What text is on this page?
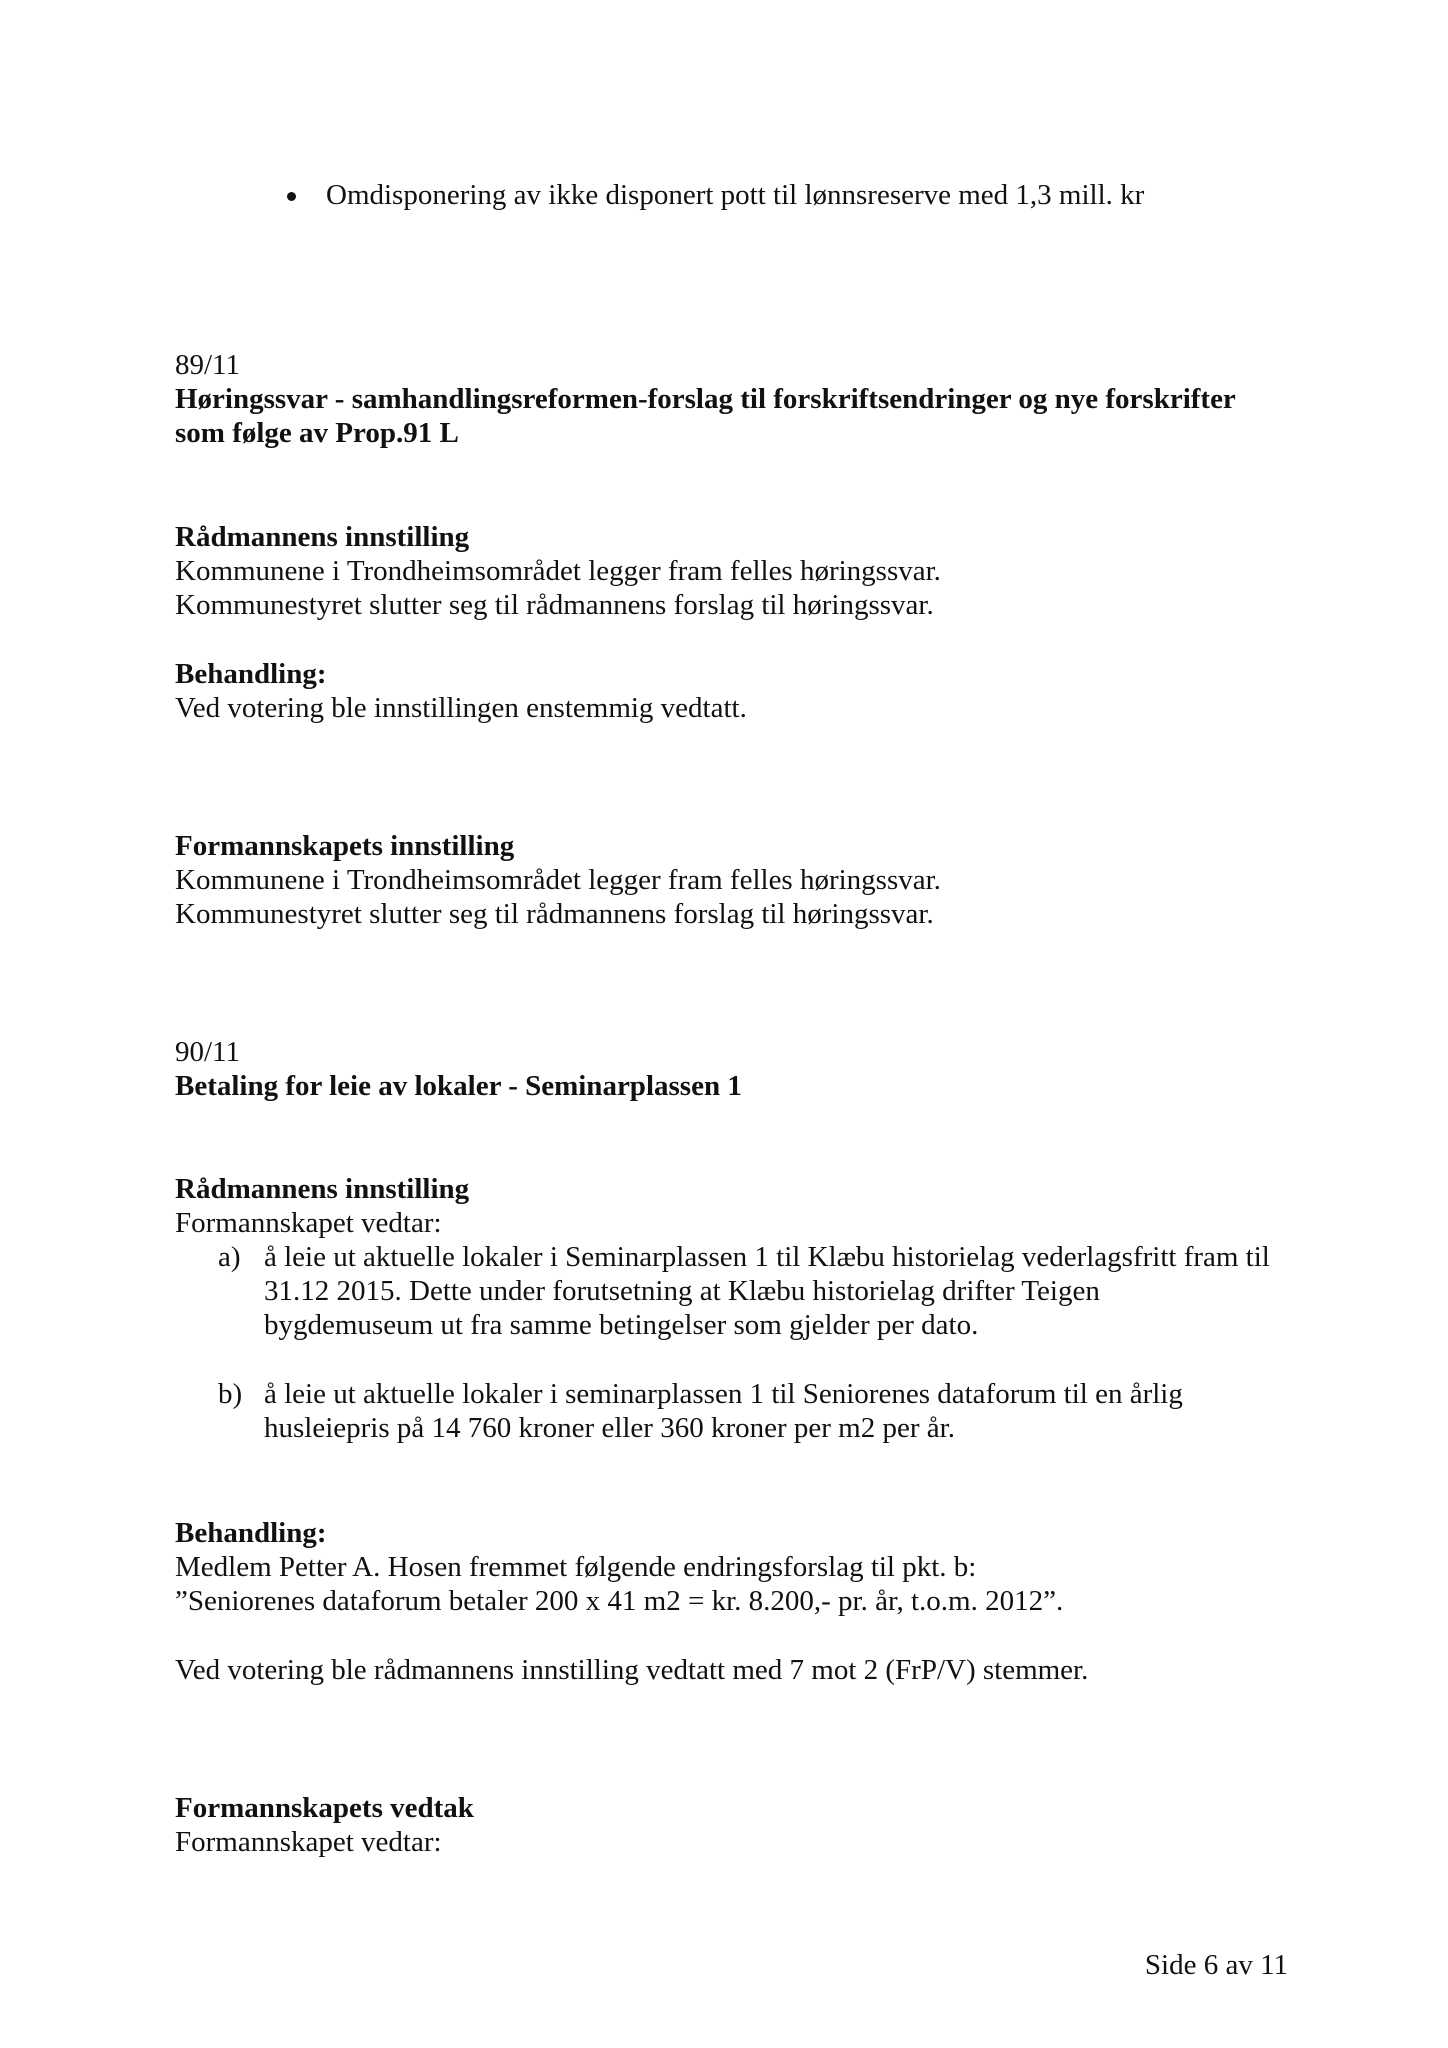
Omdisponering av ikke disponert pott til lønnsreserve med 1,3 mill. kr
89/11
Høringssvar - samhandlingsreformen-forslag til forskriftsendringer og nye forskrifter
som følge av Prop.91 L
Rådmannens innstilling
Kommunene i Trondheimsområdet legger fram felles høringssvar.
Kommunestyret slutter seg til rådmannens forslag til høringssvar.
Behandling:
Ved votering ble innstillingen enstemmig vedtatt.
Formannskapets innstilling
Kommunene i Trondheimsområdet legger fram felles høringssvar.
Kommunestyret slutter seg til rådmannens forslag til høringssvar.
90/11
Betaling for leie av lokaler - Seminarplassen 1
Rådmannens innstilling
Formannskapet vedtar:
a) å leie ut aktuelle lokaler i Seminarplassen 1 til Klæbu historielag vederlagsfritt fram til
31.12 2015. Dette under forutsetning at Klæbu historielag drifter Teigen
bygdemuseum ut fra samme betingelser som gjelder per dato.
b) å leie ut aktuelle lokaler i seminarplassen 1 til Seniorenes dataforum til en årlig
husleiepris på 14 760 kroner eller 360 kroner per m2 per år.
Behandling:
Medlem Petter A. Hosen fremmet følgende endringsforslag til pkt. b:
”Seniorenes dataforum betaler 200 x 41 m2 = kr. 8.200,- pr. år, t.o.m. 2012”.
Ved votering ble rådmannens innstilling vedtatt med 7 mot 2 (FrP/V) stemmer.
Formannskapets vedtak
Formannskapet vedtar:
Side 6 av 11
